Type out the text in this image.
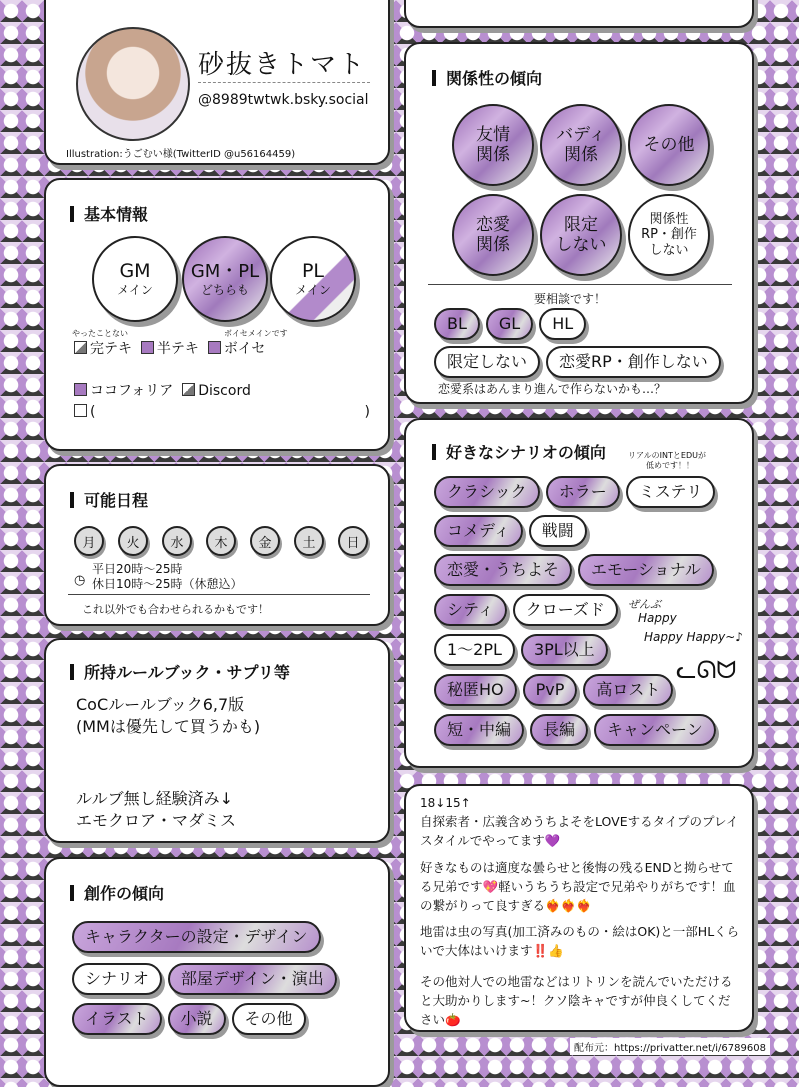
砂抜きトマト
@8989twtwk.bsky.social
Illustration:うごむい様(TwitterID @u56164459)
基本情報
GM
メイン
GM・PL
どちらも
PL
メイン
やったことない	ボイセメインです
完テキ 半テキ ボイセ
ココフォリア Discord
(	)
可能日程
月	火	水	木	金	土	日
平日20時〜25時
◷ 休日10時〜25時（休憩込）
これ以外でも合わせられるかもです！
所持ルールブック・サプリ等
CoCルールブック6,7版
(MMは優先して買うかも)
ルルブ無し経験済み↓
エモクロア・マダミス
創作の傾向
キャラクターの設定・デザイン
シナリオ	部屋デザイン・演出
イラスト	小説	その他
関係性の傾向
友情
関係
バディ
関係
その他
恋愛
関係
限定
しない
関係性
RP・創作
しない
要相談です！
BL	GL	HL
限定しない	恋愛RP・創作しない
恋愛系はあんまり進んで作らないかも…？
好きなシナリオの傾向	リアルのINTとEDUが
低めです！！
クラシック	ホラー	ミステリ
コメディ	戦闘
恋愛・うちよそ	エモーショナル
シティ	クローズド
1〜2PL	3PL以上
秘匿HO	PvP	高ロスト
短・中編	長編	キャンペーン
ぜんぶ
Happy
Happy Happy~♪
ᓚᘏᗢ
18↓15↑
自探索者・広義含めうちよそをLOVEするタイプのプレイスタイルでやってます💜
好きなものは適度な曇らせと後悔の残るENDと拗らせてる兄弟です💖軽いうちうち設定で兄弟やりがちです！血の繋がりって良すぎる❤️‍🔥❤️‍🔥❤️‍🔥
地雷は虫の写真(加工済みのもの・絵はOK)と一部HLくらいで大体はいけます‼️👍
その他対人での地雷などはリトリンを読んでいただけると大助かりします~！クソ陰キャですが仲良くしてください🍅
配布元：https://privatter.net/i/6789608
